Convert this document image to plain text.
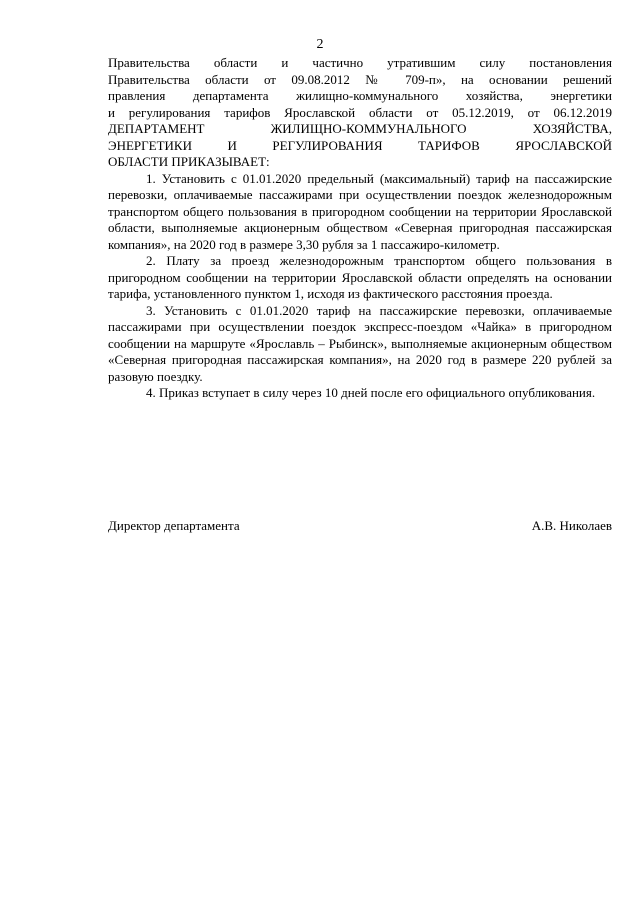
2

Правительства области и частично утратившим силу постановления

Правительства области от 09.08.2012 № 709-п», на основании решений

правления департамента жилищно-коммунального хозяйства, энергетики

и регулирования тарифов Ярославской области от 05.12.2019, от 06.12.2019

ДЕПАРТАМЕНТ ЖИЛИЩНО-КОММУНАЛЬНОГО ХОЗЯЙСТВА,

ЭНЕРГЕТИКИ И РЕГУЛИРОВАНИЯ ТАРИФОВ ЯРОСЛАВСКОЙ

ОБЛАСТИ ПРИКАЗЫВАЕТ:

1. Установить с 01.01.2020 предельный (максимальный) тариф на пассажирские перевозки, оплачиваемые пассажирами при осуществлении поездок железнодорожным транспортом общего пользования в пригородном сообщении на территории Ярославской области, выполняемые акционерным обществом «Северная пригородная пассажирская компания», на 2020 год в размере 3,30 рубля за 1 пассажиро-километр.

2. Плату за проезд железнодорожным транспортом общего пользования в пригородном сообщении на территории Ярославской области определять на основании тарифа, установленного пунктом 1, исходя из фактического расстояния проезда.

3. Установить с 01.01.2020 тариф на пассажирские перевозки, оплачиваемые пассажирами при осуществлении поездок экспресс-поездом «Чайка» в пригородном сообщении на маршруте «Ярославль – Рыбинск», выполняемые акционерным обществом «Северная пригородная пассажирская компания», на 2020 год в размере 220 рублей за разовую поездку.

4. Приказ вступает в силу через 10 дней после его официального опубликования.

Директор департамента	А.В. Николаев
